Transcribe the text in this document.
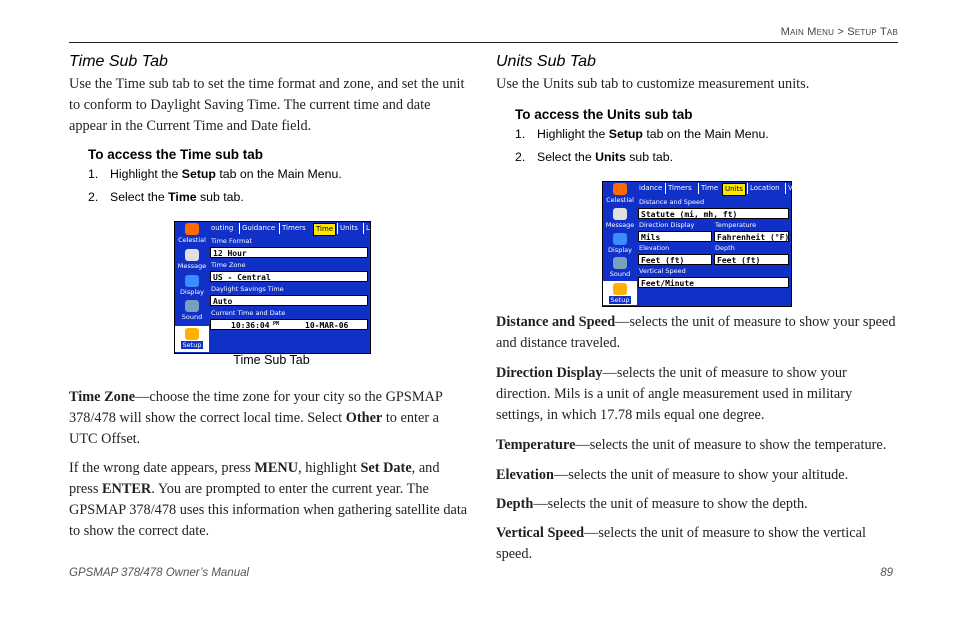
Main Menu > Setup Tab
Time Sub Tab

Use the Time sub tab to set the time format and zone, and set the unit to conform to Daylight Saving Time. The current time and date appear in the Current Time and Date field.

To access the Time sub tab

1. Highlight the Setup tab on the Main Menu.

2. Select the Time sub tab.

Celestial
Message
Display
Sound
Setup
outing	Guidance Timers	Time Units	L
Time Format
12 Hour
Time Zone
US - Central
Daylight Savings Time
Auto
Current Time and Date
10:36:04 PM	10-MAR-06
Time Sub Tab

Time Zone—choose the time zone for your city so the GPSMAP 378/478 will show the correct local time. Select Other to enter a UTC Offset.

If the wrong date appears, press MENU, highlight Set Date, and press ENTER. You are prompted to enter the current year. The GPSMAP 378/478 uses this information when gathering satellite data to show the correct date.

Units Sub Tab

Use the Units sub tab to customize measurement units.

To access the Units sub tab

1. Highlight the Setup tab on the Main Menu.

2. Select the Units sub tab.

Celestial
Message
Display
Sound
Setup
idance Timers	Time Units	Location	V
Distance and Speed
Statute (mi, mh, ft)
Direction Display
Mils
Temperature
Fahrenheit (°F)
Elevation
Feet (ft)
Depth
Feet (ft)
Vertical Speed
Feet/Minute

Distance and Speed—selects the unit of measure to show your speed and distance traveled.

Direction Display—selects the unit of measure to show your direction. Mils is a unit of angle measurement used in military settings, in which 17.78 mils equal one degree.

Temperature—selects the unit of measure to show the temperature.

Elevation—selects the unit of measure to show your altitude.

Depth—selects the unit of measure to show the depth.

Vertical Speed—selects the unit of measure to show the vertical speed.

GPSMAP 378/478 Owner’s Manual	89
